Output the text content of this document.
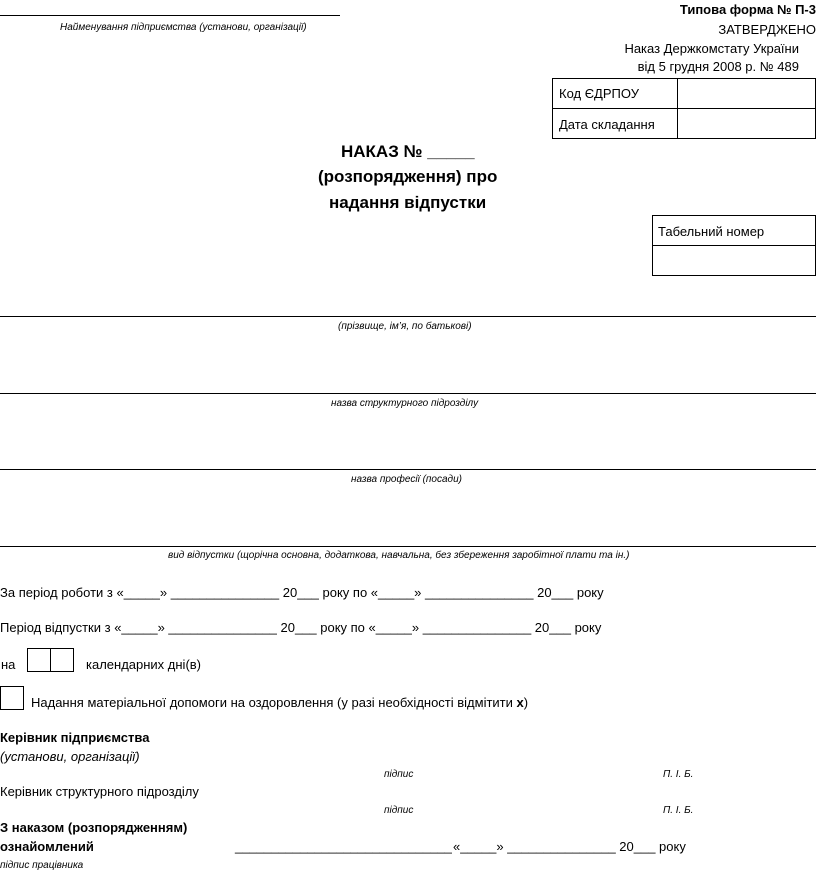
Найменування підприємства (установи, організації)
Типова форма № П-3
ЗАТВЕРДЖЕНО
Наказ Держкомстату України
від 5 грудня 2008 р. № 489
Код ЄДРПОУ
Дата складання
НАКАЗ № _____
(розпорядження) про
надання відпустки
Табельний номер
(прізвище, ім’я, по батькові)
назва структурного підрозділу
назва професії (посади)
вид відпустки (щорічна основна, додаткова, навчальна, без збереження заробітної плати та ін.)
За період роботи з «_____» _______________ 20___ року по «_____» _______________ 20___ року
Період відпустки з «_____» _______________ 20___ року по «_____» _______________ 20___ року
на	календарних дні(в)
Надання матеріальної допомоги на оздоровлення (у разі необхідності відмітити х)
Керівник підприємства
(установи, організації)
підпис	П. І. Б.
Керівник структурного підрозділу
підпис	П. І. Б.
З наказом (розпорядженням)
ознайомлений	______________________________ «_____» _______________ 20___ року
підпис працівника
